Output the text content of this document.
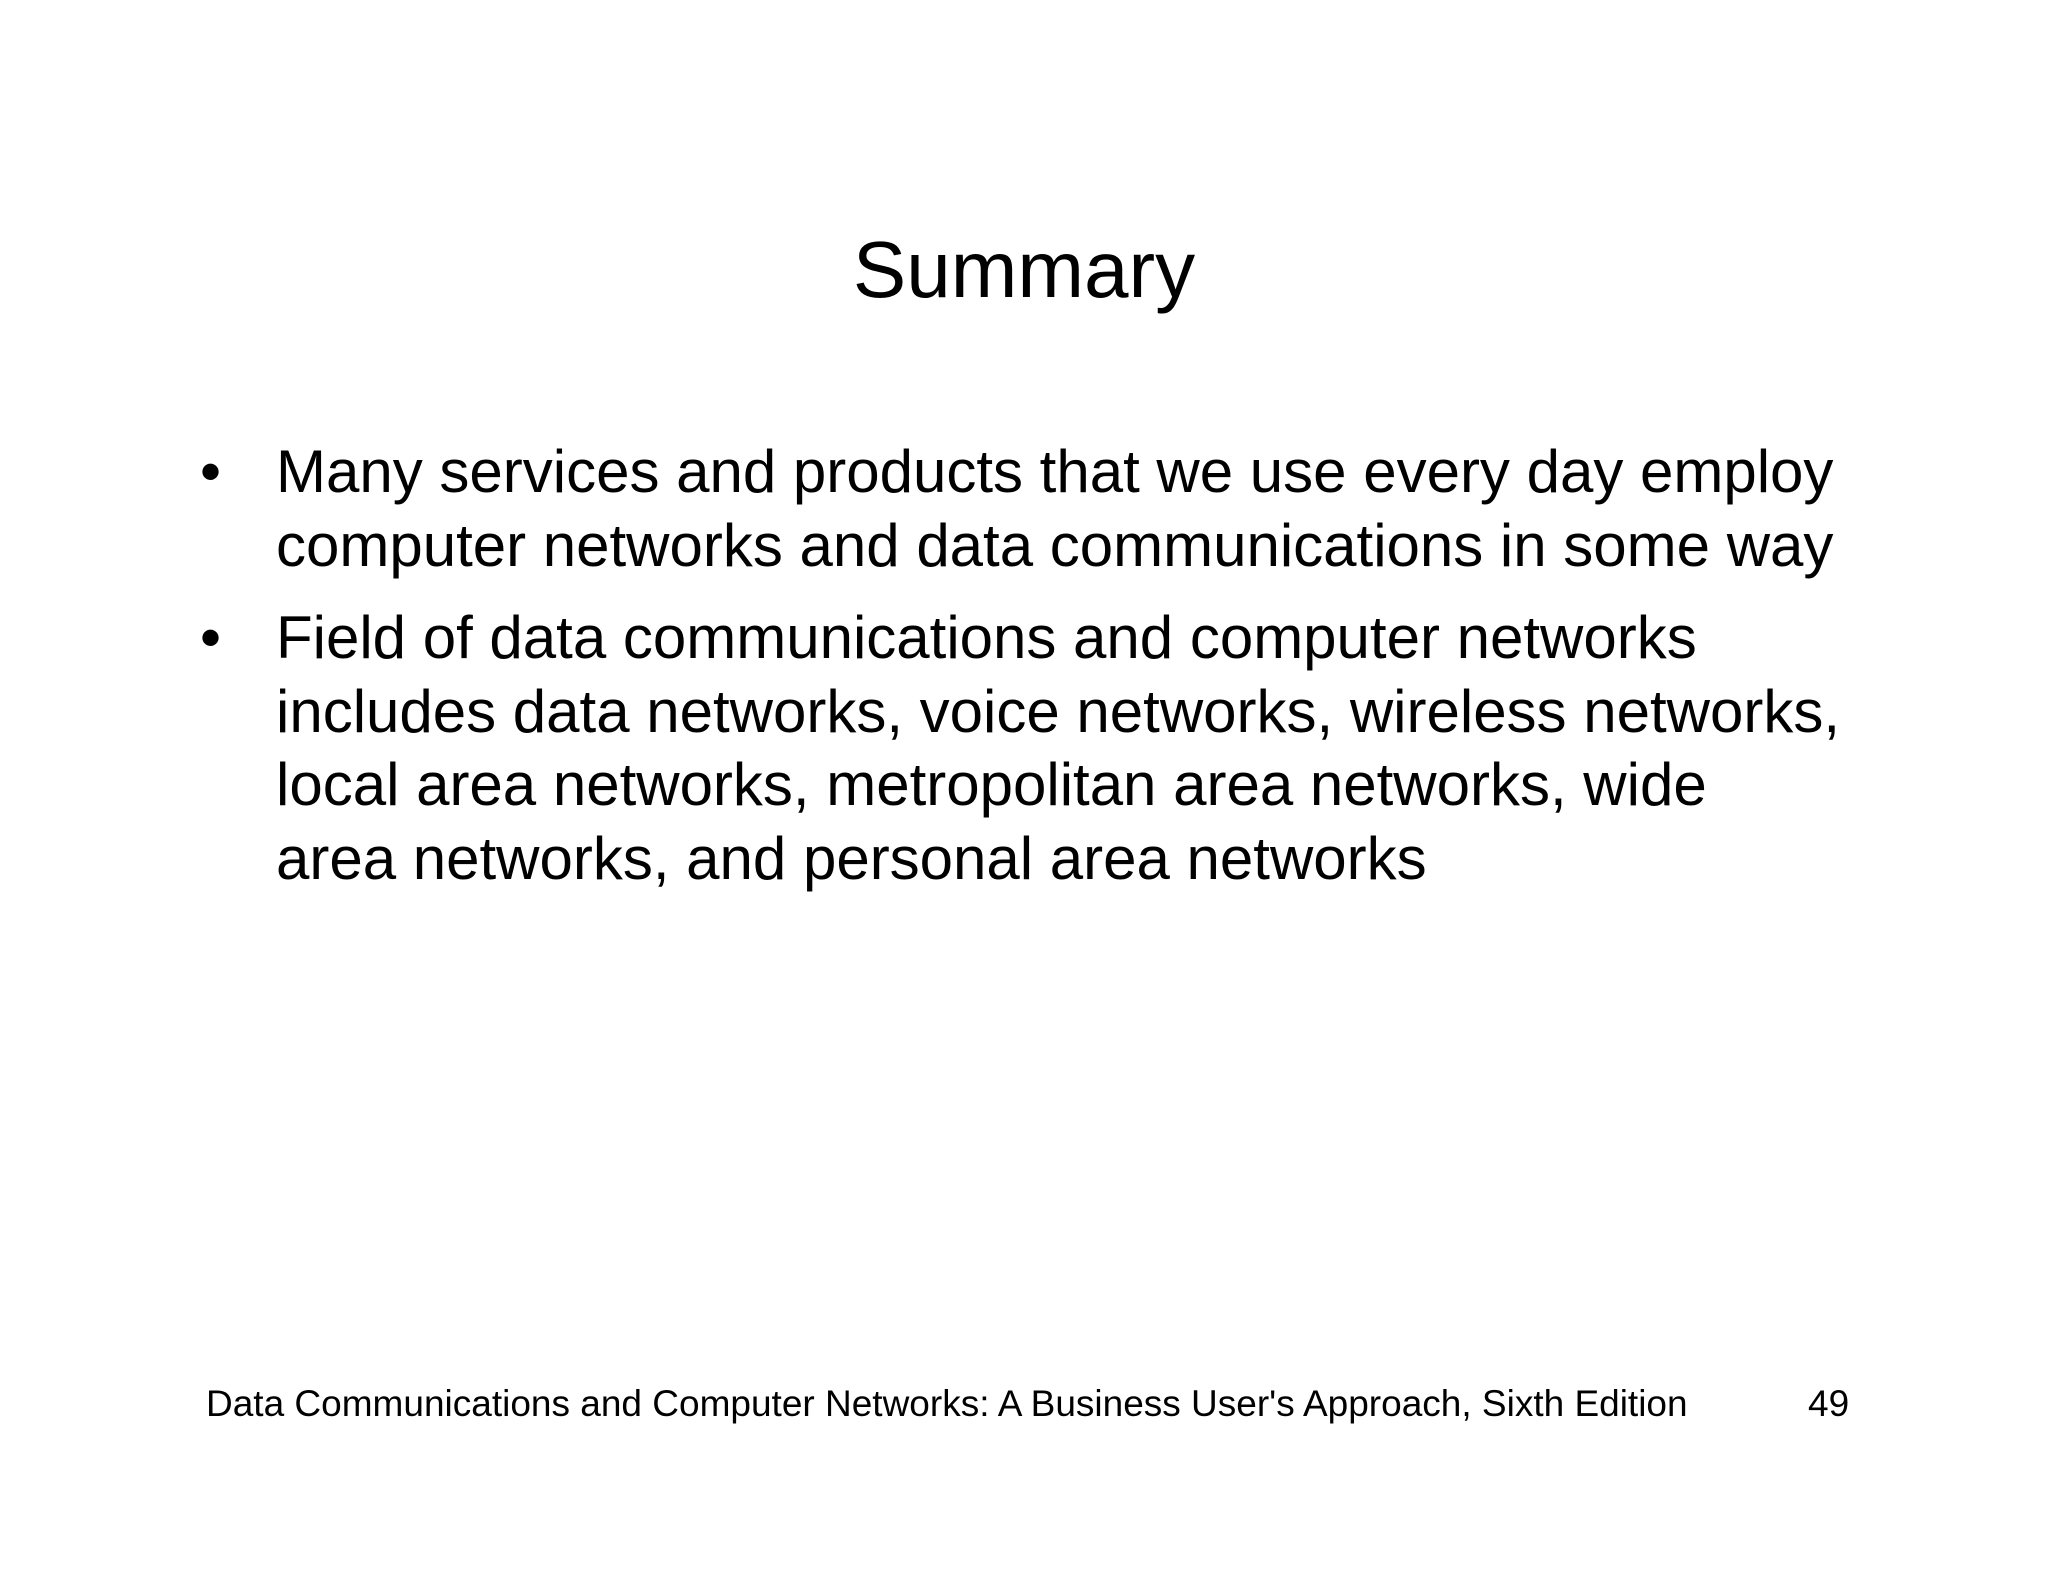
Summary
• Many services and products that we use every day employ computer networks and data communications in some way
• Field of data communications and computer networks includes data networks, voice networks, wireless networks, local area networks, metropolitan area networks, wide area networks, and personal area networks
Data Communications and Computer Networks: A Business User's Approach, Sixth Edition	49
